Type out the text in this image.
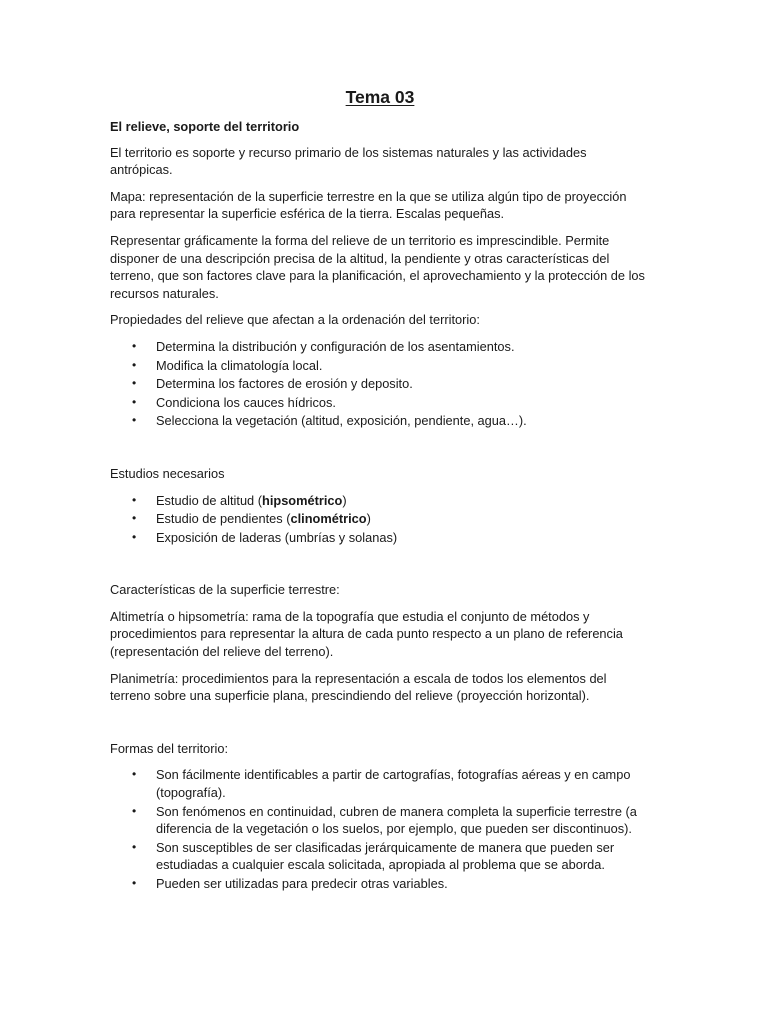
Tema 03
El relieve, soporte del territorio

El territorio es soporte y recurso primario de los sistemas naturales y las actividades antrópicas.

Mapa: representación de la superficie terrestre en la que se utiliza algún tipo de proyección para representar la superficie esférica de la tierra. Escalas pequeñas.

Representar gráficamente la forma del relieve de un territorio es imprescindible. Permite disponer de una descripción precisa de la altitud, la pendiente y otras características del terreno, que son factores clave para la planificación, el aprovechamiento y la protección de los recursos naturales.

Propiedades del relieve que afectan a la ordenación del territorio:

• Determina la distribución y configuración de los asentamientos.
• Modifica la climatología local.
• Determina los factores de erosión y deposito.
• Condiciona los cauces hídricos.
• Selecciona la vegetación (altitud, exposición, pendiente, agua…).

Estudios necesarios

• Estudio de altitud (hipsométrico)
• Estudio de pendientes (clinométrico)
• Exposición de laderas (umbrías y solanas)

Características de la superficie terrestre:

Altimetría o hipsometría: rama de la topografía que estudia el conjunto de métodos y procedimientos para representar la altura de cada punto respecto a un plano de referencia (representación del relieve del terreno).

Planimetría: procedimientos para la representación a escala de todos los elementos del terreno sobre una superficie plana, prescindiendo del relieve (proyección horizontal).

Formas del territorio:

• Son fácilmente identificables a partir de cartografías, fotografías aéreas y en campo (topografía).
• Son fenómenos en continuidad, cubren de manera completa la superficie terrestre (a diferencia de la vegetación o los suelos, por ejemplo, que pueden ser discontinuos).
• Son susceptibles de ser clasificadas jerárquicamente de manera que pueden ser estudiadas a cualquier escala solicitada, apropiada al problema que se aborda.
• Pueden ser utilizadas para predecir otras variables.
